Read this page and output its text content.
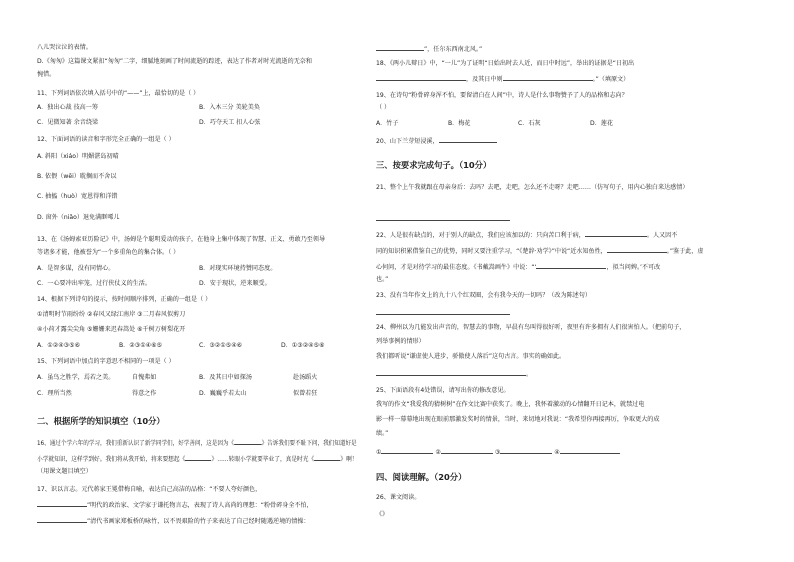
八儿哭泣泣的表情。
D.《匆匆》这篇课文紧扣“匆匆”二字，细腻地刻画了时间流逝的踪迹，表达了作者对时光流逝的无奈和
惋惜。
11、下列词语依次填入括号中的“——”上，最恰切的是（ ）
A．独出心裁 技高一筹	B．入木三分 美轮美奂
C．见微知著 余音绕梁	D．巧夺天工 扣人心弦
12、下面词语的读音和字形完全正确的一组是（ ）
A. 斜阳（xiáo）明媚湛岛初晴
B. 依偎（wēi）耽搁而不舍以
C. 抽搐（huò）宽恩得和洋错
D. 窗外（niǎo）退免满眶唏儿
13、在《汤姆索亚历险记》中，汤姆是个聪明爱动的孩子，在他身上集中体现了智慧、正义、勇敢乃至领导
等诸多才能，他被誉为“一个多重角色的集合体。（ ）
A．是智多谋，没有同情心。	B．对现实环境持赞同态度。
C．一心要冲出牢笼，过行侠仗义的生活。	D．安于现状，逆来顺受。
14、根据下列诗句的提示，按时间顺序排列，正确的一组是（ ）
①清明时节雨纷纷 ②春风又绿江南岸 ③二月春风似剪刀
④小荷才露尖尖角 ⑤姗姗来迟春嵩处 ⑥千树万树梨花开
A．①②④③⑤⑥	B．②③①④⑥⑤	C．③②①⑤④⑥	D．①③②④⑤⑥
15、下列词语中加点的字意思不相同的一项是（ ）
A．虽鸟之胜学，焉若之美。	自愧弗如	B．及其日中如探汤	赴汤蹈火
C．理所当然	得意之作	D．巍巍乎若太山	似曾若狂
二、根据所学的知识填空（10分）
16、通过个学六年的学习，我们重新认识了新学同学们，好学善问，这是因为《	》告诉我们要不耻下问，我们知道好是
小学就知识，这样学到好。我们将从我开始，将来要想起《	》……转眼小学就要毕业了，真是时光《	》啊！
（用课文题目填空）
17、识以言志。元代蒋家王冕借梅自喻，表达自己高洁的品格：“不要人夸好颜色，
”明代的政治家、文学家于谦托物言志，表现了诗人高尚的理想：“粉骨碎身全不怕，
”清代书画家郑板桥的咏竹，以不畏艰险的竹子来表达了自己经时随遇逆境的情操：
”，任尔东西南北风。”
18、《两小儿辩日》中，“一儿”为了证明“日始出时去人近，而日中时远”，举出的证据是“日初出
，及其日中则	。”（填原文）
19、在诗句“粉骨碎身浑不怕，要留清白在人间”中，诗人是什么事物赞予了人的品格和志向？
（ ）
A．竹子	B．梅花	C．石灰	D．莲花
20、山下兰芽短浸溪，
三、按要求完成句子。（10分）
21、整个上午我就跟在母亲身后：去吗？去吧，走吧，怎么还不走呀？走吧……（仿写句子，用内心独白来达感情）
22、人是很有缺点的，对于别人的缺点，我们应该加以的：只向苦口利于病，	。人又因不
同的知识积累借鉴自己的优势，同时又要注重学习，“《楚辞·劝学》”中说“近水知鱼性，	。”鉴于此，虚
心何问，才是对待学习的最佳态度。《书戴嵩画牛》中说：“‘	，拟当问婢。’不可改
也。”
23、没有当年作文上的九十八个红双圈，会有我今天的一切吗？（改为陈述句）
24、柳州以为几能发出声音的，智慧去的事物，早晨有鸟叫得很好听，夜里有许多拥有人们很害怕人。（把前句子，
列举事例的情形）
我们都听说“谦虚使人进步，骄傲使人落后”这句古言。事实的确如此。
。
25、下面语段有4处错误，请写出你的修改意见。
我写的作文“我爱我的猜树树”在作文比赛中获奖了。晚上，我怀着激动的心情翻开日记本，就禁过电
影一样一幕幕地出现在眼前那激发奖时的情景，当时，来切地对我说：“我希望你再接再厉，争取更大的成
绩。”
①	②	③	④
四、阅读理解。（20分）
26、课文阅读。
《》
